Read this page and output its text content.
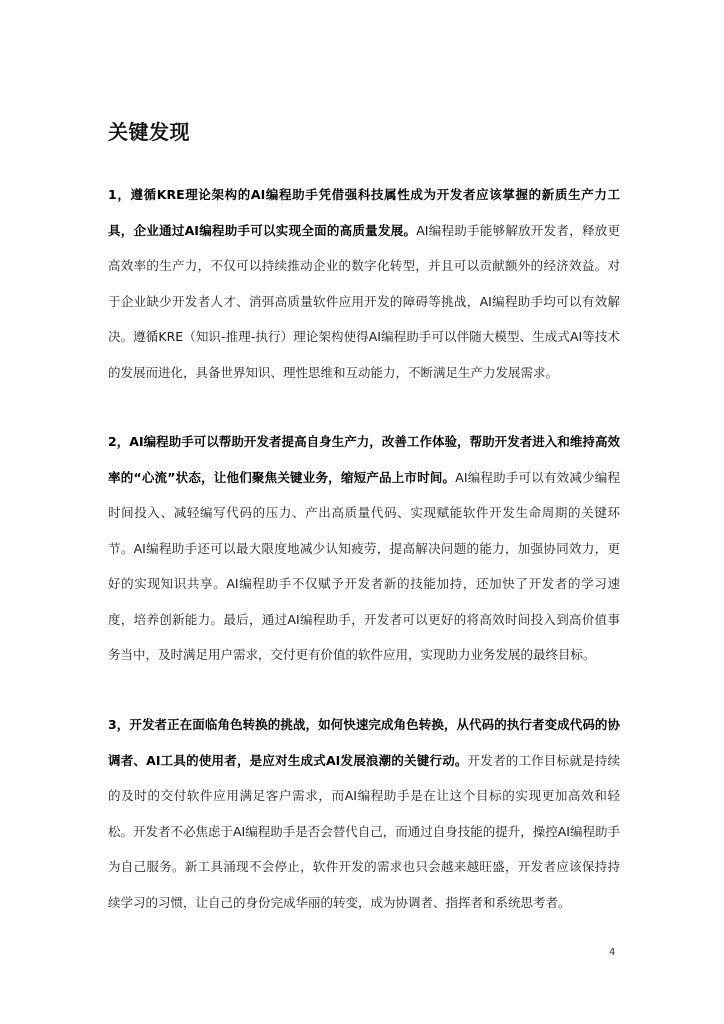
关键发现
1，遵循KRE理论架构的AI编程助手凭借强科技属性成为开发者应该掌握的新质生产力工具，企业通过AI编程助手可以实现全面的高质量发展。AI编程助手能够解放开发者，释放更高效率的生产力，不仅可以持续推动企业的数字化转型，并且可以贡献额外的经济效益。对于企业缺少开发者人才、消弭高质量软件应用开发的障碍等挑战，AI编程助手均可以有效解决。遵循KRE（知识-推理-执行）理论架构使得AI编程助手可以伴随大模型、生成式AI等技术的发展而进化，具备世界知识、理性思维和互动能力，不断满足生产力发展需求。
2，AI编程助手可以帮助开发者提高自身生产力，改善工作体验，帮助开发者进入和维持高效率的“心流”状态，让他们聚焦关键业务，缩短产品上市时间。AI编程助手可以有效减少编程时间投入、减轻编写代码的压力、产出高质量代码、实现赋能软件开发生命周期的关键环节。AI编程助手还可以最大限度地减少认知疲劳，提高解决问题的能力，加强协同效力，更好的实现知识共享。AI编程助手不仅赋予开发者新的技能加持，还加快了开发者的学习速度，培养创新能力。最后，通过AI编程助手，开发者可以更好的将高效时间投入到高价值事务当中，及时满足用户需求，交付更有价值的软件应用，实现助力业务发展的最终目标。
3，开发者正在面临角色转换的挑战，如何快速完成角色转换，从代码的执行者变成代码的协调者、AI工具的使用者，是应对生成式AI发展浪潮的关键行动。开发者的工作目标就是持续的及时的交付软件应用满足客户需求，而AI编程助手是在让这个目标的实现更加高效和轻松。开发者不必焦虑于AI编程助手是否会替代自己，而通过自身技能的提升，操控AI编程助手为自己服务。新工具涌现不会停止，软件开发的需求也只会越来越旺盛，开发者应该保持持续学习的习惯，让自己的身份完成华丽的转变，成为协调者、指挥者和系统思考者。
4
